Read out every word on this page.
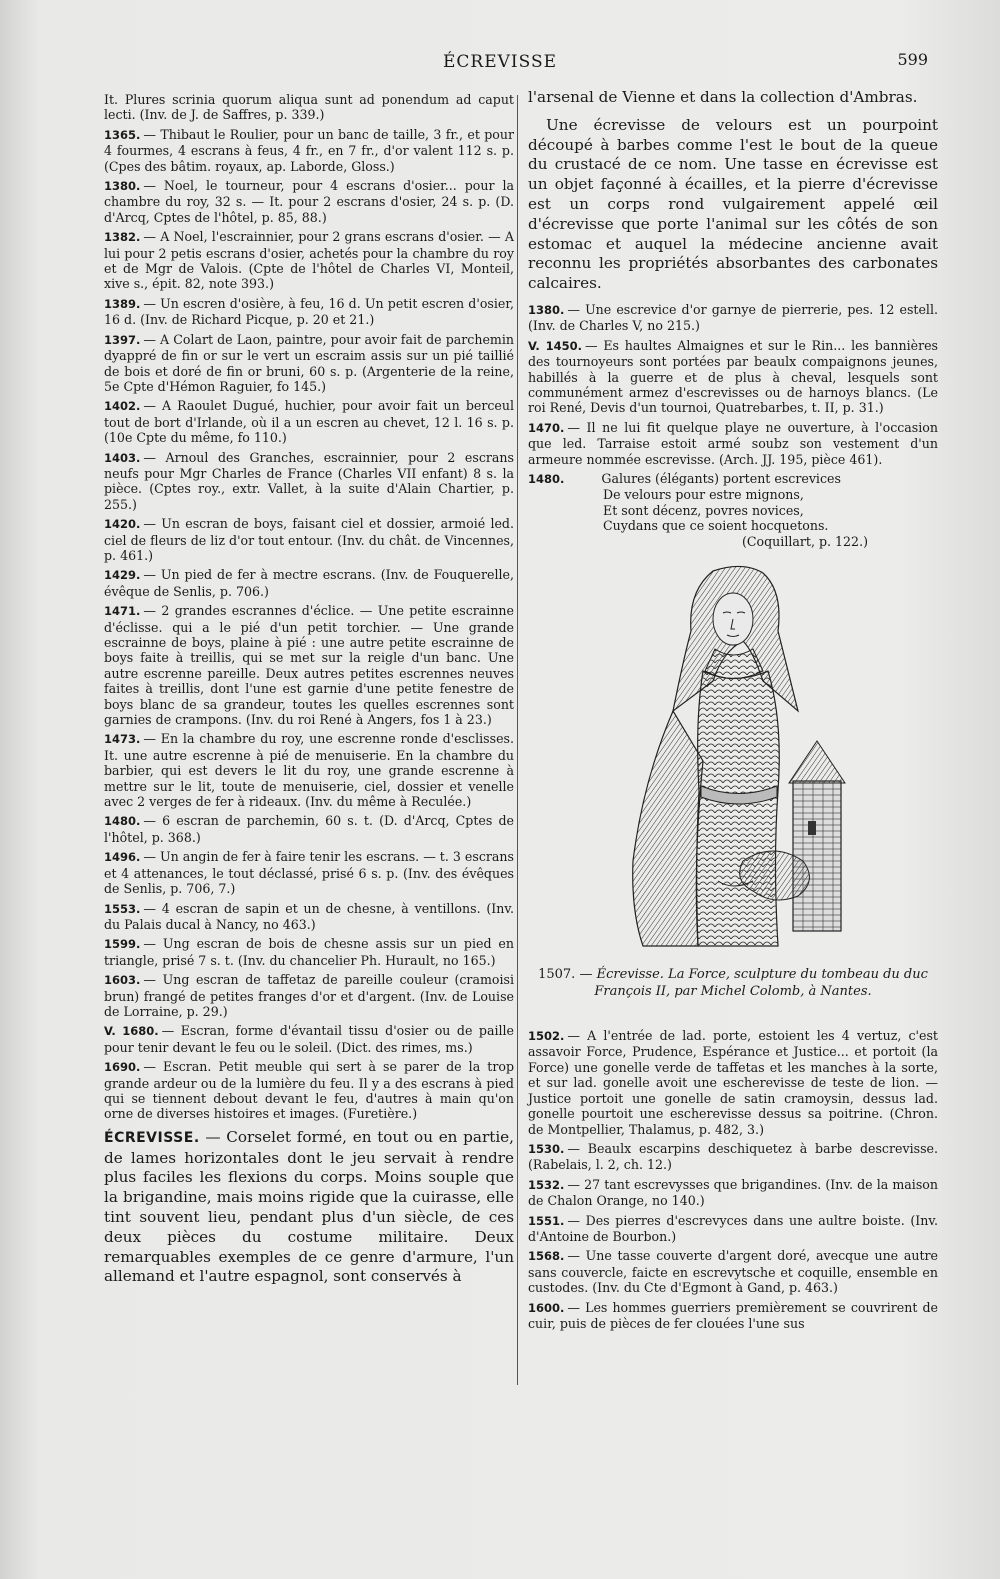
ÉCREVISSE	599

It. Plures scrinia quorum aliqua sunt ad ponendum ad caput lecti. (Inv. de J. de Saffres, p. 339.)

1365. — Thibaut le Roulier, pour un banc de taille, 3 fr., et pour 4 fourmes, 4 escrans à feus, 4 fr., en 7 fr., d'or valent 112 s. p. (Cpes des bâtim. royaux, ap. Laborde, Gloss.)

1380. — Noel, le tourneur, pour 4 escrans d'osier... pour la chambre du roy, 32 s. — It. pour 2 escrans d'osier, 24 s. p. (D. d'Arcq, Cptes de l'hôtel, p. 85, 88.)

1382. — A Noel, l'escrainnier, pour 2 grans escrans d'osier. — A lui pour 2 petis escrans d'osier, achetés pour la chambre du roy et de Mgr de Valois. (Cpte de l'hôtel de Charles VI, Monteil, xive s., épit. 82, note 393.)

1389. — Un escren d'osière, à feu, 16 d. Un petit escren d'osier, 16 d. (Inv. de Richard Picque, p. 20 et 21.)

1397. — A Colart de Laon, paintre, pour avoir fait de parchemin dyappré de fin or sur le vert un escraim assis sur un pié taillié de bois et doré de fin or bruni, 60 s. p. (Argenterie de la reine, 5e Cpte d'Hémon Raguier, fo 145.)

1402. — A Raoulet Dugué, huchier, pour avoir fait un berceul tout de bort d'Irlande, où il a un escren au chevet, 12 l. 16 s. p. (10e Cpte du même, fo 110.)

1403. — Arnoul des Granches, escrainnier, pour 2 escrans neufs pour Mgr Charles de France (Charles VII enfant) 8 s. la pièce. (Cptes roy., extr. Vallet, à la suite d'Alain Chartier, p. 255.)

1420. — Un escran de boys, faisant ciel et dossier, armoié led. ciel de fleurs de liz d'or tout entour. (Inv. du chât. de Vincennes, p. 461.)

1429. — Un pied de fer à mectre escrans. (Inv. de Fouquerelle, évêque de Senlis, p. 706.)

1471. — 2 grandes escrannes d'éclice. — Une petite escrainne d'éclisse. qui a le pié d'un petit torchier. — Une grande escrainne de boys, plaine à pié : une autre petite escrainne de boys faite à treillis, qui se met sur la reigle d'un banc. Une autre escrenne pareille. Deux autres petites escrennes neuves faites à treillis, dont l'une est garnie d'une petite fenestre de boys blanc de sa grandeur, toutes les quelles escrennes sont garnies de crampons. (Inv. du roi René à Angers, fos 1 à 23.)

1473. — En la chambre du roy, une escrenne ronde d'esclisses. It. une autre escrenne à pié de menuiserie. En la chambre du barbier, qui est devers le lit du roy, une grande escrenne à mettre sur le lit, toute de menuiserie, ciel, dossier et venelle avec 2 verges de fer à rideaux. (Inv. du même à Reculée.)

1480. — 6 escran de parchemin, 60 s. t. (D. d'Arcq, Cptes de l'hôtel, p. 368.)

1496. — Un angin de fer à faire tenir les escrans. — t. 3 escrans et 4 attenances, le tout déclassé, prisé 6 s. p. (Inv. des évêques de Senlis, p. 706, 7.)

1553. — 4 escran de sapin et un de chesne, à ventillons. (Inv. du Palais ducal à Nancy, no 463.)

1599. — Ung escran de bois de chesne assis sur un pied en triangle, prisé 7 s. t. (Inv. du chancelier Ph. Hurault, no 165.)

1603. — Ung escran de taffetaz de pareille couleur (cramoisi brun) frangé de petites franges d'or et d'argent. (Inv. de Louise de Lorraine, p. 29.)

V. 1680. — Escran, forme d'évantail tissu d'osier ou de paille pour tenir devant le feu ou le soleil. (Dict. des rimes, ms.)

1690. — Escran. Petit meuble qui sert à se parer de la trop grande ardeur ou de la lumière du feu. Il y a des escrans à pied qui se tiennent debout devant le feu, d'autres à main qu'on orne de diverses histoires et images. (Furetière.)

ÉCREVISSE. — Corselet formé, en tout ou en partie, de lames horizontales dont le jeu servait à rendre plus faciles les flexions du corps. Moins souple que la brigandine, mais moins rigide que la cuirasse, elle tint souvent lieu, pendant plus d'un siècle, de ces deux pièces du costume militaire. Deux remarquables exemples de ce genre d'armure, l'un allemand et l'autre espagnol, sont conservés à

l'arsenal de Vienne et dans la collection d'Ambras.

Une écrevisse de velours est un pourpoint découpé à barbes comme l'est le bout de la queue du crustacé de ce nom. Une tasse en écrevisse est un objet façonné à écailles, et la pierre d'écrevisse est un corps rond vulgairement appelé œil d'écrevisse que porte l'animal sur les côtés de son estomac et auquel la médecine ancienne avait reconnu les propriétés absorbantes des carbonates calcaires.

1380. — Une escrevice d'or garnye de pierrerie, pes. 12 estell. (Inv. de Charles V, no 215.)

V. 1450. — Es haultes Almaignes et sur le Rin... les bannières des tournoyeurs sont portées par beaulx compaignons jeunes, habillés à la guerre et de plus à cheval, lesquels sont communément armez d'escrevisses ou de harnoys blancs. (Le roi René, Devis d'un tournoi, Quatrebarbes, t. II, p. 31.)

1470. — Il ne lui fit quelque playe ne ouverture, à l'occasion que led. Tarraise estoit armé soubz son vestement d'un armeure nommée escrevisse. (Arch. JJ. 195, pièce 461).

1480.	Galures (élégants) portent escrevices
De velours pour estre mignons,
Et sont décenz, povres novices,
Cuydans que ce soient hocquetons.
(Coquillart, p. 122.)

1507. — Écrevisse. La Force, sculpture du tombeau du duc François II, par Michel Colomb, à Nantes.

1502. — A l'entrée de lad. porte, estoient les 4 vertuz, c'est assavoir Force, Prudence, Espérance et Justice... et portoit (la Force) une gonelle verde de taffetas et les manches à la sorte, et sur lad. gonelle avoit une escherevisse de teste de lion. — Justice portoit une gonelle de satin cramoysin, dessus lad. gonelle pourtoit une escherevisse dessus sa poitrine. (Chron. de Montpellier, Thalamus, p. 482, 3.)

1530. — Beaulx escarpins deschiquetez à barbe descrevisse. (Rabelais, l. 2, ch. 12.)

1532. — 27 tant escrevysses que brigandines. (Inv. de la maison de Chalon Orange, no 140.)

1551. — Des pierres d'escrevyces dans une aultre boiste. (Inv. d'Antoine de Bourbon.)

1568. — Une tasse couverte d'argent doré, avecque une autre sans couvercle, faicte en escrevytsche et coquille, ensemble en custodes. (Inv. du Cte d'Egmont à Gand, p. 463.)

1600. — Les hommes guerriers premièrement se couvrirent de cuir, puis de pièces de fer clouées l'une sus
